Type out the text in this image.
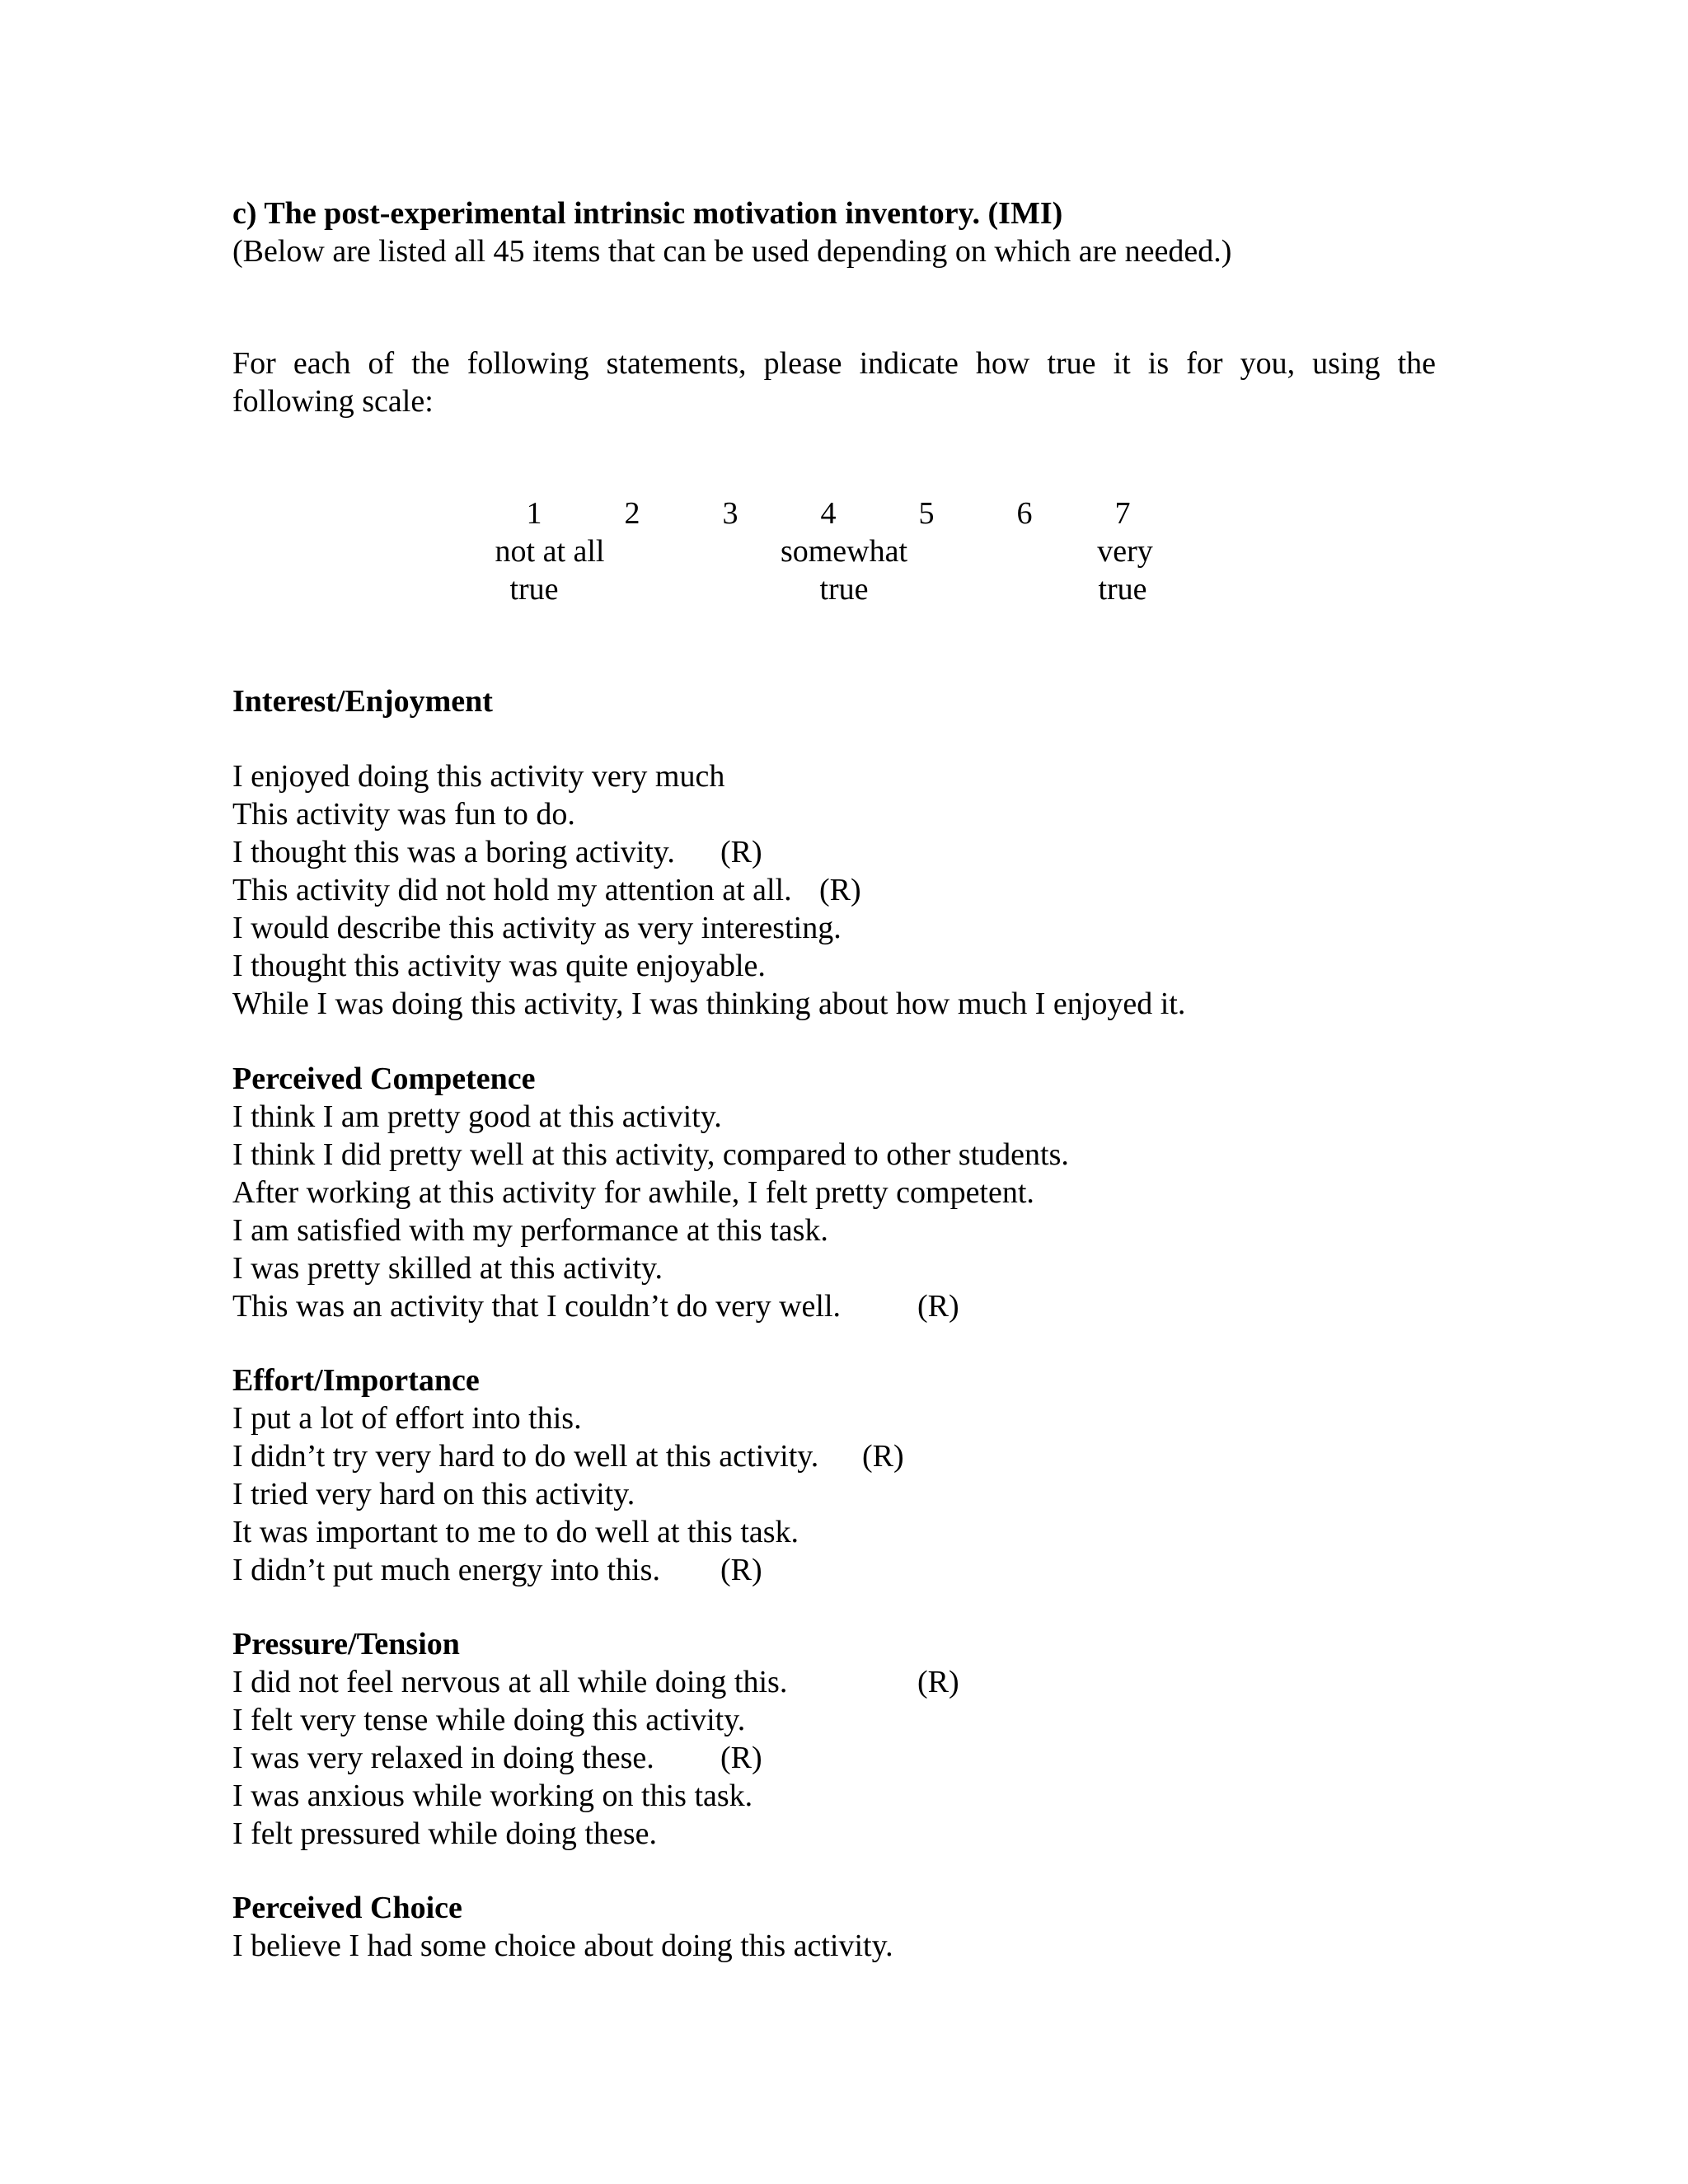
c) The post-experimental intrinsic motivation inventory. (IMI)
(Below are listed all 45 items that can be used depending on which are needed.)
For each of the following statements, please indicate how true it is for you, using the
following scale:
1	2	3	4	5	6	7
not at all
true
somewhat
true
very
true
Interest/Enjoyment
I enjoyed doing this activity very much
This activity was fun to do.
I thought this was a boring activity. (R)
This activity did not hold my attention at all. (R)
I would describe this activity as very interesting.
I thought this activity was quite enjoyable.
While I was doing this activity, I was thinking about how much I enjoyed it.
Perceived Competence
I think I am pretty good at this activity.
I think I did pretty well at this activity, compared to other students.
After working at this activity for awhile, I felt pretty competent.
I am satisfied with my performance at this task.
I was pretty skilled at this activity.
This was an activity that I couldn’t do very well. (R)
Effort/Importance
I put a lot of effort into this.
I didn’t try very hard to do well at this activity. (R)
I tried very hard on this activity.
It was important to me to do well at this task.
I didn’t put much energy into this. (R)
Pressure/Tension
I did not feel nervous at all while doing this.	(R)
I felt very tense while doing this activity.
I was very relaxed in doing these. (R)
I was anxious while working on this task.
I felt pressured while doing these.
Perceived Choice
I believe I had some choice about doing this activity.
